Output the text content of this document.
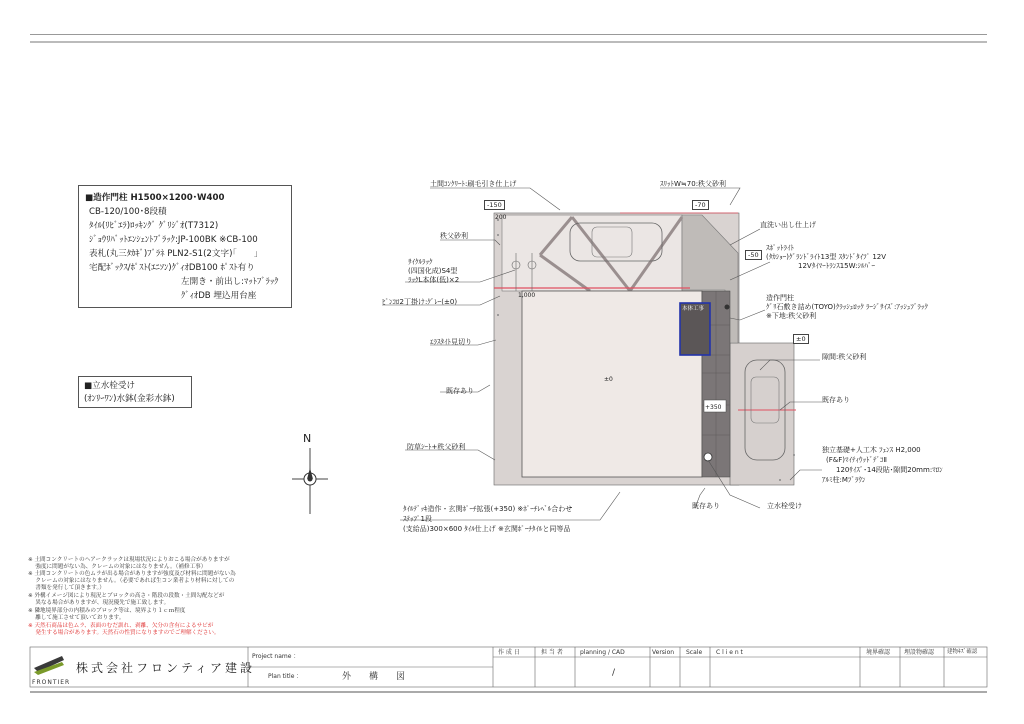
■造作門柱 H1500×1200･W400
CB-120/100･8段積
ﾀｲﾙ(ﾘﾋﾞｴﾗ)ﾛｯｷﾝｸﾞ ｸﾞﾘｼﾞｵ(T7312)
ｼﾞｮｳﾘﾊﾞｯﾄｴﾝｼｪﾝﾄﾌﾞﾗｯｸ:JP-100BK ※CB-100
表札(丸三ﾀｶｷﾞ)ﾌﾞﾗﾈ PLN2-S1(2文字)｢　　｣
宅配ﾎﾞｯｸｽ/ﾎﾟｽﾄ(ｴﾆｿﾝ)ｸﾞｨｵDB100 ﾎﾟｽﾄ有り
左開き・前出し:ﾏｯﾄﾌﾞﾗｯｸ
ｸﾞｨｵDB 埋込用台座
■立水栓受け
(ｵﾝﾘｰﾜﾝ)水鉢(金彩水鉢)
N
200
1,000
±0
+350
本体工事
-150	-70
-50
±0
土間ｺﾝｸﾘｰﾄ:刷毛引き仕上げ	ｽﾘｯﾄW≒70:秩父砂利
直洗い出し仕上げ
秩父砂利
ｻｲｸﾙﾗｯｸ
(四国化成)S4型
ﾗｯｸL本体(低)×2
ｽﾎﾟｯﾄﾗｲﾄ
(ﾀｶｼｮｰ)ｸﾞﾗﾝﾄﾞﾗｲﾄ13型 ｽﾀﾝﾄﾞﾀｲﾌﾟ 12V
12Vﾀｲﾏｰﾄﾗﾝｽ15W:ｼﾙﾊﾞｰ
ﾋﾟﾝｺﾛ2丁掛け:ｸﾞﾚｰ(±0)	造作門柱
ｸﾞﾘ石敷き詰め(TOYO)ｸﾗｯｼｭﾛｯｸ ﾗｰｼﾞｻｲｽﾞ:ｱｯｼｭﾌﾞﾗｯｸ
※下地:秩父砂利
ｴﾗｽﾀｲﾄ見切り
隙間:秩父砂利
既存あり
既存あり
防草ｼｰﾄ+秩父砂利	独立基礎+人工木 ﾌｪﾝｽ H2,000
(F&F)ﾏｲﾃｨｳｯﾄﾞﾃﾞｺⅡ
120ｻｲｽﾞ･14段貼･隙間20mm:ﾏﾛﾝ
ｱﾙﾐ柱:Mﾌﾞﾗｳﾝ
既存あり	立水栓受け
ﾀｲﾙﾃﾞｯｷ造作・玄関ﾎﾟｰﾁ拡張(+350) ※ﾎﾟｰﾁﾚﾍﾞﾙ合わせ
ｽﾃｯﾌﾟ1段
(支給品)300×600 ﾀｲﾙ仕上げ ※玄関ﾎﾟｰﾁﾀｲﾙと同等品
※ 土間コンクリートのヘアークラックは現場状況によりおこる場合がありますが
　 強度に問題がない為、クレームの対象にはなりません。（補修工事）
※ 土間コンクリートの色ムラが出る場合がありますが強度及び材料に問題がない為
　 クレームの対象にはなりません。（必要であれば生コン業者より材料に対しての
　 書類を発行して頂きます。）
※ 外構イメージ図により現況とブロックの高さ・階段の段数・土間勾配などが
　 異なる場合がありますが、現況優先で施工致します。
※ 隣地境界部分の内積みのブロック等は、境界より１ｃｍ程度
　 離して施工させて頂いております。
※ 天然石商品は色ムラ、表面のむだ訓れ、剥離、欠分の含有によるサビが
　 発生する場合があります。天然石の性質になりますのでご理解ください。
FRONTIER
株式会社フロンティア建設
Project name ：
Plan title ：	外　　構　　図
作 成 日	担 当 者	planning / CAD	Version Scale C l i e n t	境界確認 埋設物確認 建物ｷｽﾞ確認
/
